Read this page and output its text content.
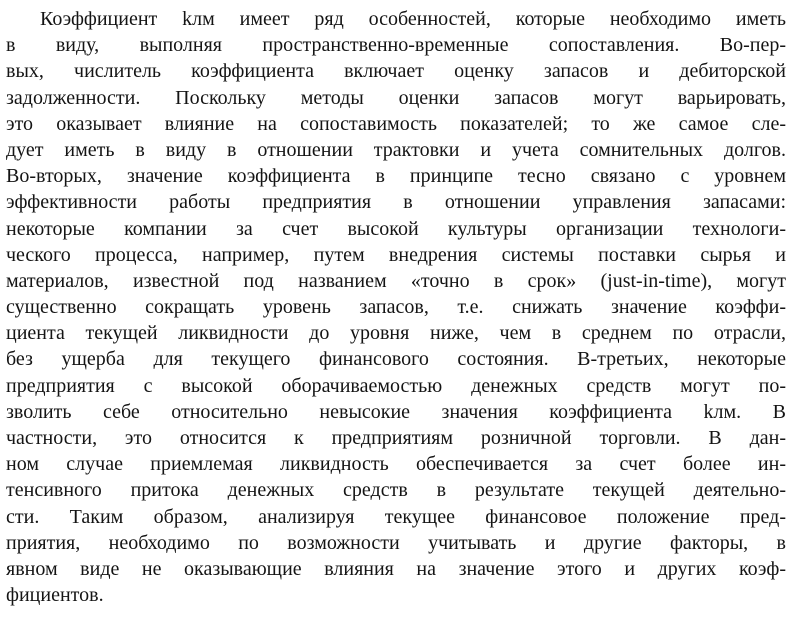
Коэффициент kлм имеет ряд особенностей, которые необходимо иметь
в виду, выполняя пространственно-временные сопоставления. Во-пер-
вых, числитель коэффициента включает оценку запасов и дебиторской
задолженности. Поскольку методы оценки запасов могут варьировать,
это оказывает влияние на сопоставимость показателей; то же самое сле-
дует иметь в виду в отношении трактовки и учета сомнительных долгов.
Во-вторых, значение коэффициента в принципе тесно связано с уровнем
эффективности работы предприятия в отношении управления запасами:
некоторые компании за счет высокой культуры организации технологи-
ческого процесса, например, путем внедрения системы поставки сырья и
материалов, известной под названием «точно в срок» (just-in-time), могут
существенно сокращать уровень запасов, т.е. снижать значение коэффи-
циента текущей ликвидности до уровня ниже, чем в среднем по отрасли,
без ущерба для текущего финансового состояния. В-третьих, некоторые
предприятия с высокой оборачиваемостью денежных средств могут по-
зволить себе относительно невысокие значения коэффициента kлм. В
частности, это относится к предприятиям розничной торговли. В дан-
ном случае приемлемая ликвидность обеспечивается за счет более ин-
тенсивного притока денежных средств в результате текущей деятельно-
сти. Таким образом, анализируя текущее финансовое положение пред-
приятия, необходимо по возможности учитывать и другие факторы, в
явном виде не оказывающие влияния на значение этого и других коэф-
фициентов.
